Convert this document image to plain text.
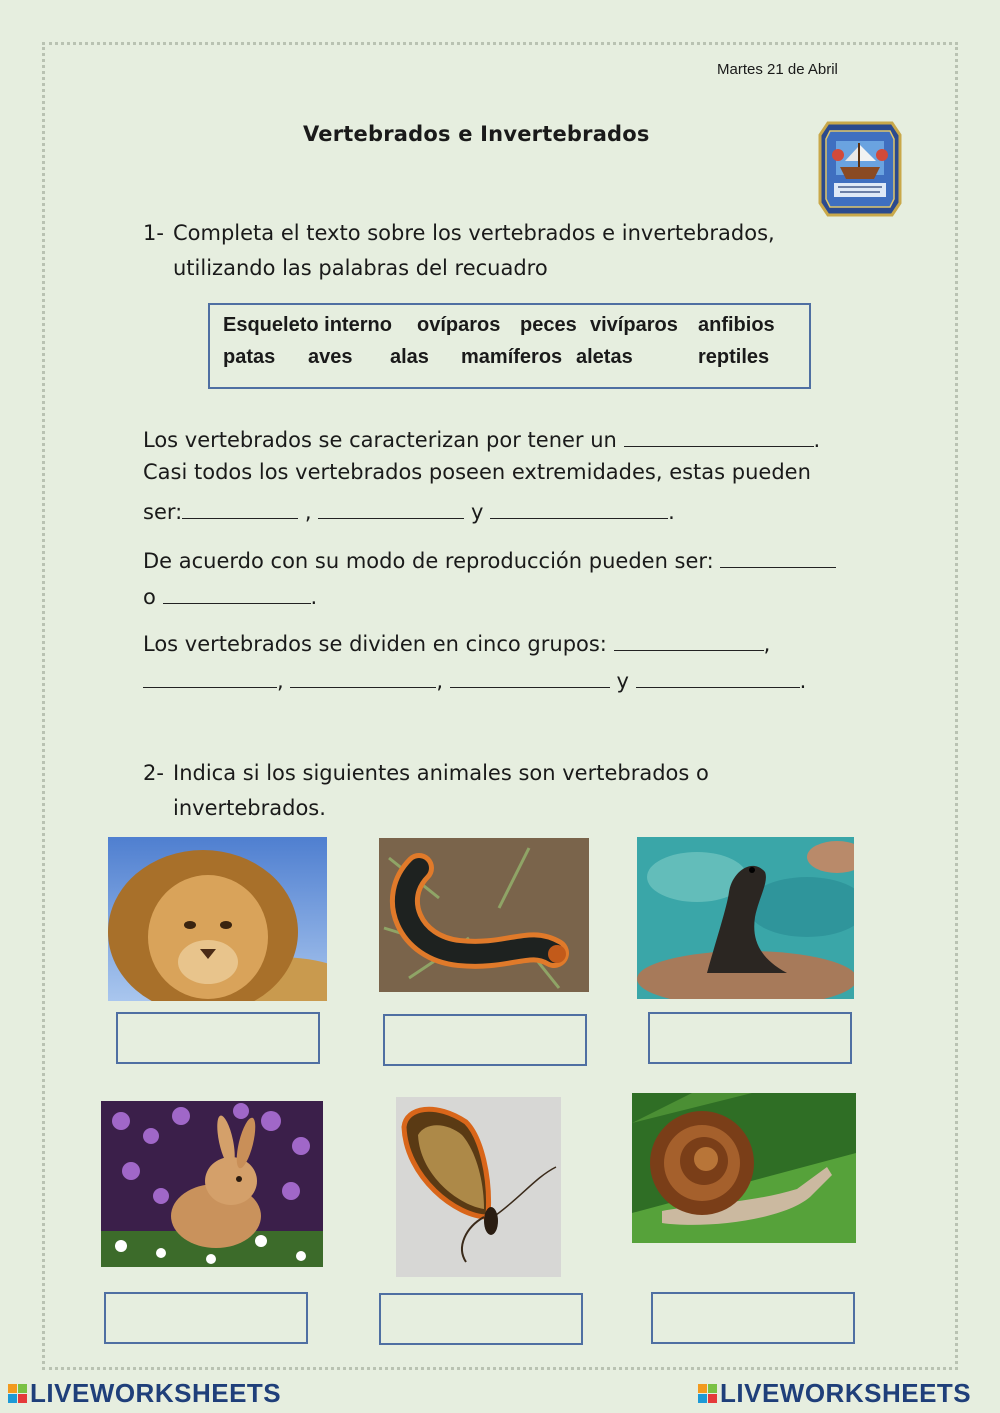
Martes 21 de Abril
Vertebrados e Invertebrados
1- Completa el texto sobre los vertebrados e invertebrados,
utilizando las palabras del recuadro
Esqueleto interno ovíparos peces vivíparos anfibios
patas aves alas mamíferos aletas	reptiles
Los vertebrados se caracterizan por tener un	.
Casi todos los vertebrados poseen extremidades, estas pueden
ser:	,	y	.
De acuerdo con su modo de reproducción pueden ser:
o	.
Los vertebrados se dividen en cinco grupos:	,
,	,	y	.
2- Indica si los siguientes animales son vertebrados o
invertebrados.
LIVEWORKSHEETS	LIVEWORKSHEETS
